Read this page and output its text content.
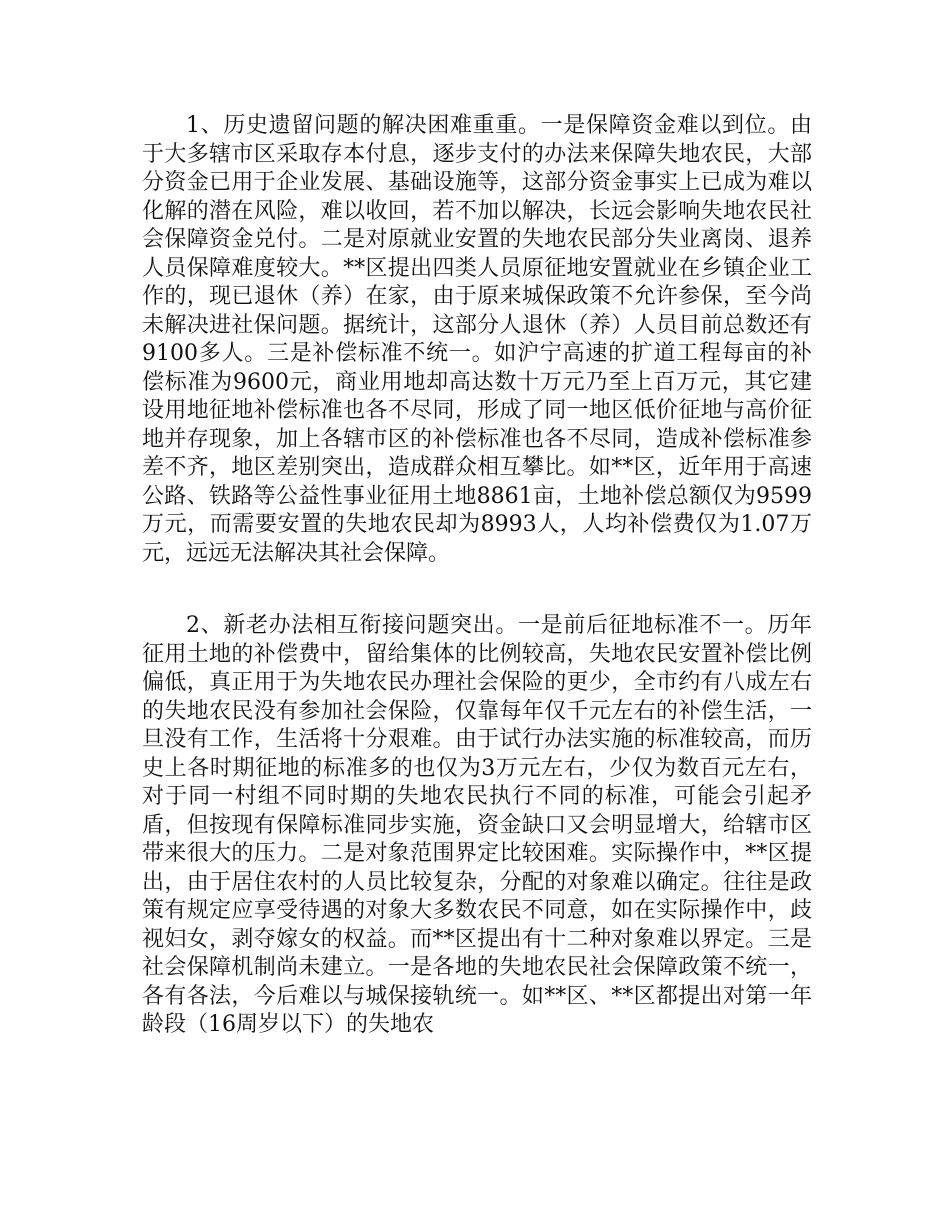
1、历史遗留问题的解决困难重重。一是保障资金难以到位。由于大多辖市区采取存本付息，逐步支付的办法来保障失地农民，大部分资金已用于企业发展、基础设施等，这部分资金事实上已成为难以化解的潜在风险，难以收回，若不加以解决，长远会影响失地农民社会保障资金兑付。二是对原就业安置的失地农民部分失业离岗、退养人员保障难度较大。**区提出四类人员原征地安置就业在乡镇企业工作的，现已退休（养）在家，由于原来城保政策不允许参保，至今尚未解决进社保问题。据统计，这部分人退休（养）人员目前总数还有9100多人。三是补偿标准不统一。如沪宁高速的扩道工程每亩的补偿标准为9600元，商业用地却高达数十万元乃至上百万元，其它建设用地征地补偿标准也各不尽同，形成了同一地区低价征地与高价征地并存现象，加上各辖市区的补偿标准也各不尽同，造成补偿标准参差不齐，地区差别突出，造成群众相互攀比。如**区，近年用于高速公路、铁路等公益性事业征用土地8861亩，土地补偿总额仅为9599万元，而需要安置的失地农民却为8993人，人均补偿费仅为1.07万元，远远无法解决其社会保障。

2、新老办法相互衔接问题突出。一是前后征地标准不一。历年征用土地的补偿费中，留给集体的比例较高，失地农民安置补偿比例偏低，真正用于为失地农民办理社会保险的更少，全市约有八成左右的失地农民没有参加社会保险，仅靠每年仅千元左右的补偿生活，一旦没有工作，生活将十分艰难。由于试行办法实施的标准较高，而历史上各时期征地的标准多的也仅为3万元左右，少仅为数百元左右，对于同一村组不同时期的失地农民执行不同的标准，可能会引起矛盾，但按现有保障标准同步实施，资金缺口又会明显增大，给辖市区带来很大的压力。二是对象范围界定比较困难。实际操作中，**区提出，由于居住农村的人员比较复杂，分配的对象难以确定。往往是政策有规定应享受待遇的对象大多数农民不同意，如在实际操作中，歧视妇女，剥夺嫁女的权益。而**区提出有十二种对象难以界定。三是社会保障机制尚未建立。一是各地的失地农民社会保障政策不统一，各有各法，今后难以与城保接轨统一。如**区、**区都提出对第一年龄段（16周岁以下）的失地农
